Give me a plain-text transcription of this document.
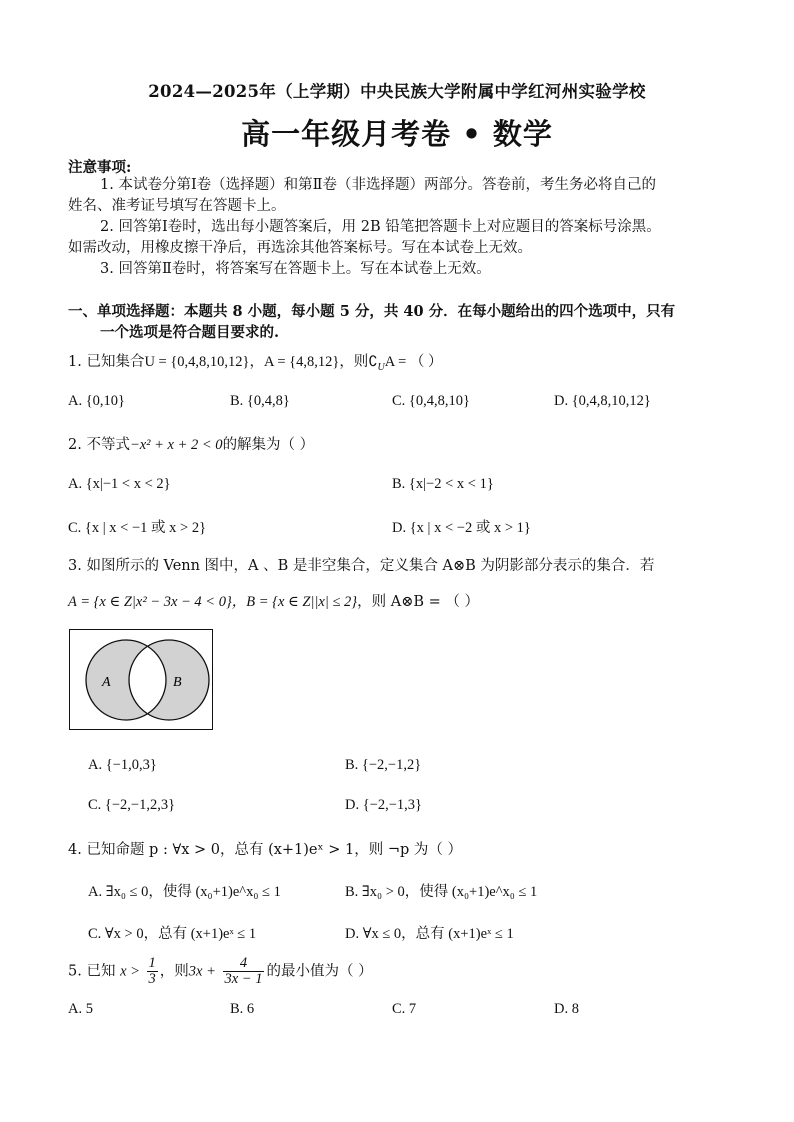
2024—2025年（上学期）中央民族大学附属中学红河州实验学校
高一年级月考卷 • 数学
注意事项:
1. 本试卷分第Ⅰ卷（选择题）和第Ⅱ卷（非选择题）两部分。答卷前，考生务必将自己的
姓名、准考证号填写在答题卡上。
2. 回答第Ⅰ卷时，选出每小题答案后，用 2B 铅笔把答题卡上对应题目的答案标号涂黑。
如需改动，用橡皮擦干净后，再选涂其他答案标号。写在本试卷上无效。
3. 回答第Ⅱ卷时，将答案写在答题卡上。写在本试卷上无效。
一、单项选择题：本题共 8 小题，每小题 5 分，共 40 分．在每小题给出的四个选项中，只有
一个选项是符合题目要求的.
1. 已知集合U = {0,4,8,10,12}，A = {4,8,12}，则$∁_UA$ = （ ）
A. {0,10}	B. {0,4,8}	C. {0,4,8,10}	D. {0,4,8,10,12}
2. 不等式−x² + x + 2 < 0的解集为（ ）
A. {x|−1 < x < 2}	B. {x|−2 < x < 1}
C. {x | x < −1 或 x > 2}	D. {x | x < −2 或 x > 1}
3. 如图所示的 Venn 图中，A 、B 是非空集合，定义集合 A⊗B 为阴影部分表示的集合．若
A = {x ∈ Z|x² − 3x − 4 < 0}，B = {x ∈ Z||x| ≤ 2}，则 A⊗B = （ ）
A	B
A. {−1,0,3}	B. {−2,−1,2}
C. {−2,−1,2,3}	D. {−2,−1,3}
4. 已知命题 p : ∀x > 0，总有 (x+1)eˣ > 1，则 ¬p 为（ ）
A. ∃x₀ ≤ 0，使得 (x₀+1)e^x₀ ≤ 1	B. ∃x₀ > 0，使得 (x₀+1)e^x₀ ≤ 1
C. ∀x > 0，总有 (x+1)eˣ ≤ 1	D. ∀x ≤ 0，总有 (x+1)eˣ ≤ 1
5. 已知 $x > \frac{1}{3}$ ，则$3x + \frac{4}{3x - 1}$ 的最小值为（ ）
A. 5	B. 6	C. 7	D. 8
